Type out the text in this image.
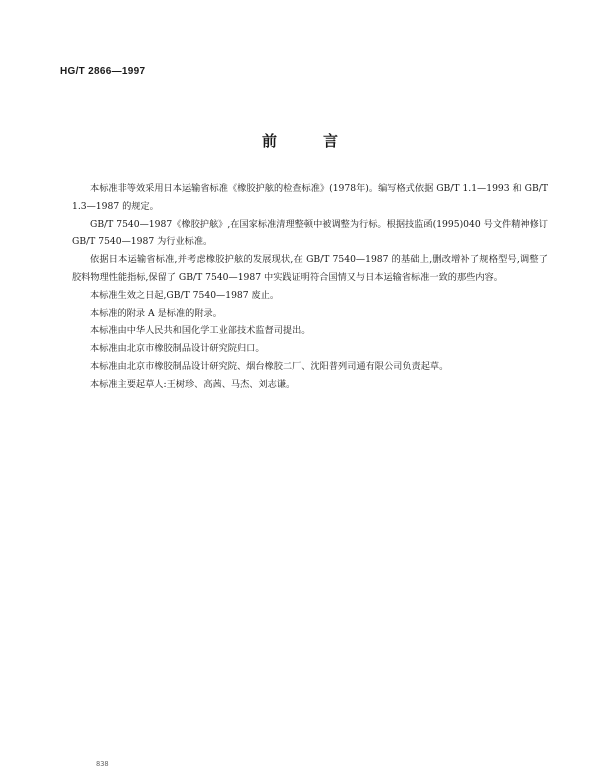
HG/T 2866—1997
前	言

本标准非等效采用日本运输省标准《橡胶护舷的检查标准》(1978年)。编写格式依据 GB/T 1.1—1993 和 GB/T 1.3—1987 的规定。

GB/T 7540—1987《橡胶护舷》,在国家标准清理整顿中被调整为行标。根据技监函(1995)040 号文件精神修订 GB/T 7540—1987 为行业标准。

依据日本运输省标准,并考虑橡胶护舷的发展现状,在 GB/T 7540—1987 的基础上,删改增补了规格型号,调整了胶料物理性能指标,保留了 GB/T 7540—1987 中实践证明符合国情又与日本运输省标准一致的那些内容。

本标准生效之日起,GB/T 7540—1987 废止。

本标准的附录 A 是标准的附录。

本标准由中华人民共和国化学工业部技术监督司提出。

本标准由北京市橡胶制品设计研究院归口。

本标准由北京市橡胶制品设计研究院、烟台橡胶二厂、沈阳普列司通有限公司负责起草。

本标准主要起草人:王树珍、高茜、马杰、刘志谦。

838
